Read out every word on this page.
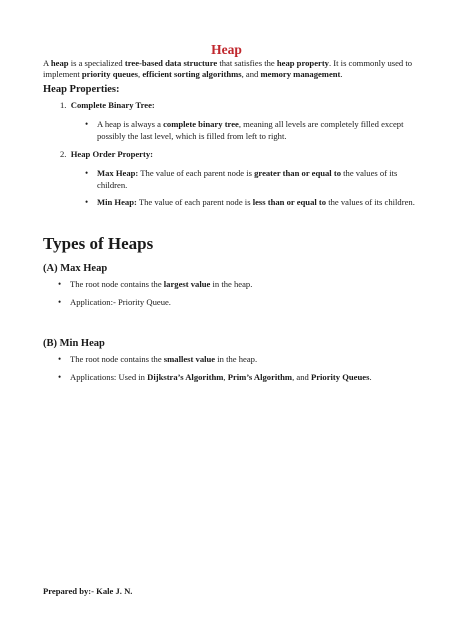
Heap
A heap is a specialized tree-based data structure that satisfies the heap property. It is commonly used to implement priority queues, efficient sorting algorithms, and memory management.
Heap Properties:
1. Complete Binary Tree:
• A heap is always a complete binary tree, meaning all levels are completely filled except possibly the last level, which is filled from left to right.
2. Heap Order Property:
• Max Heap: The value of each parent node is greater than or equal to the values of its children.
• Min Heap: The value of each parent node is less than or equal to the values of its children.
Types of Heaps
(A) Max Heap
• The root node contains the largest value in the heap.
• Application:- Priority Queue.
(B) Min Heap
• The root node contains the smallest value in the heap.
• Applications: Used in Dijkstra’s Algorithm, Prim’s Algorithm, and Priority Queues.
Prepared by:- Kale J. N.
